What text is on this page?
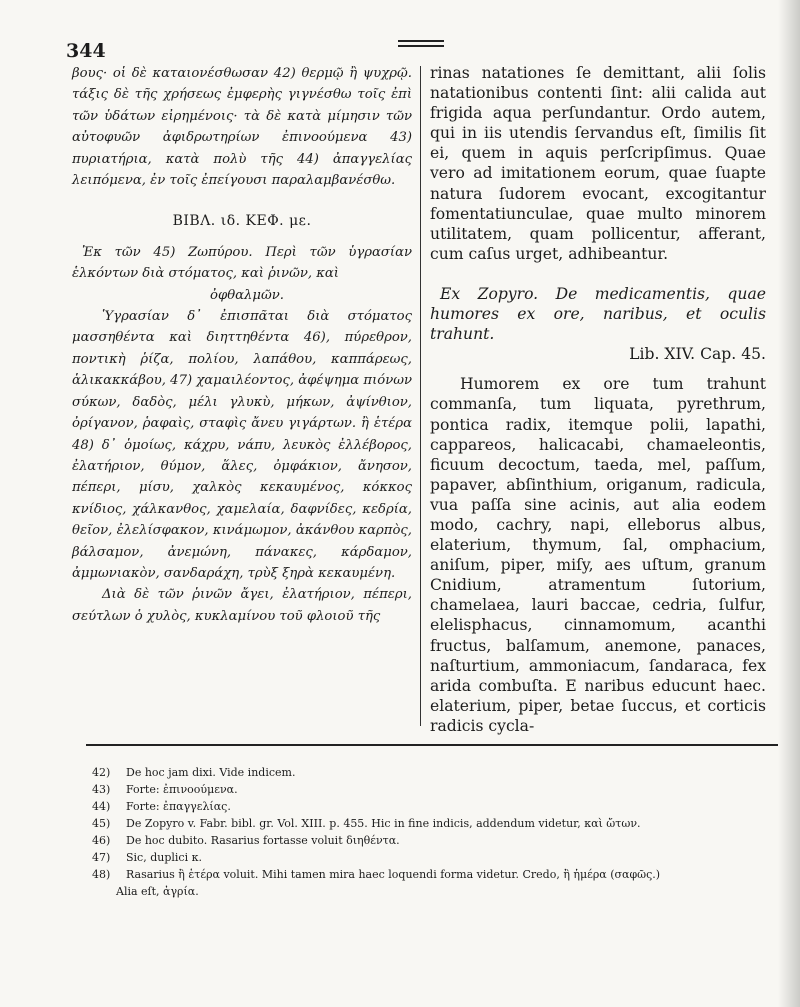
344

βους· οἱ δὲ καταιονέσθωσαν 42) θερμῷ ἢ ψυχρῷ. τάξις δὲ τῆς χρήσεως ἐμφερὴς γιγνέσθω τοῖς ἐπὶ τῶν ὑδάτων εἰρημένοις· τὰ δὲ κατὰ μίμησιν τῶν αὐτοφυῶν ἀφιδρωτηρίων ἐπινοούμενα 43) πυριατήρια, κατὰ πολὺ τῆς 44) ἀπαγγελίας λειπόμενα, ἐν τοῖς ἐπείγουσι παραλαμβανέσθω.

ΒΙΒΛ. ιδ. ΚΕΦ. με.

Ἐκ τῶν 45) Ζωπύρου. Περὶ τῶν ὑγρασίαν ἑλκόντων διὰ στόματος, καὶ ῥινῶν, καὶ
ὀφθαλμῶν.

Ὑγρασίαν δ᾽ ἐπισπᾶται διὰ στόματος μασσηθέντα καὶ διηττηθέντα 46), πύρεθρον, ποντικὴ ῥίζα, πολίου, λαπάθου, καππάρεως, ἁλικακκάβου, 47) χαμαιλέοντος, ἀφέψημα πιόνων σύκων, δαδὸς, μέλι γλυκὺ, μήκων, ἀψίνθιον, ὀρίγανον, ῥαφαὶς, σταφὶς ἄνευ γιγάρτων. ἢ ἑτέρα 48) δ᾽ ὁμοίως, κάχρυ, νάπυ, λευκὸς ἐλλέβορος, ἐλατήριον, θύμον, ἅλες, ὀμφάκιον, ἄνησον, πέπερι, μίσυ, χαλκὸς κεκαυμένος, κόκκος κνίδιος, χάλκανθος, χαμελαία, δαφνίδες, κεδρία, θεῖον, ἐλελίσφακον, κινάμωμον, ἀκάνθου καρπὸς, βάλσαμον, ἀνεμώνη, πάνακες, κάρδαμον, ἀμμωνιακὸν, σανδαράχη, τρὺξ ξηρὰ κεκαυμένη.

Διὰ δὲ τῶν ῥινῶν ἄγει, ἐλατήριον, πέπερι, σεύτλων ὁ χυλὸς, κυκλαμίνου τοῦ φλοιοῦ τῆς

rinas natationes ſe demittant, alii ſolis natationibus contenti ſint: alii calida aut frigida aqua perſundantur. Ordo autem, qui in iis utendis ſervandus eſt, ſimilis ſit ei, quem in aquis perſcripſimus. Quae vero ad imitationem eorum, quae ſuapte natura ſudorem evocant, excogitantur fomentatiunculae, quae multo minorem utilitatem, quam pollicentur, afferant, cum caſus urget, adhibeantur.

Ex Zopyro. De medicamentis, quae humores ex ore, naribus, et oculis trahunt.

Lib. XIV. Cap. 45.

Humorem ex ore tum trahunt commanſa, tum liquata, pyrethrum, pontica radix, itemque polii, lapathi, cappareos, halicacabi, chamaeleontis, ficuum decoctum, taeda, mel, paſſum, papaver, abſinthium, origanum, radicula, vua paſſa sine acinis, aut alia eodem modo, cachry, napi, elleborus albus, elaterium, thymum, ſal, omphacium, aniſum, piper, miſy, aes uſtum, granum Cnidium, atramentum ſutorium, chamelaea, lauri baccae, cedria, ſulfur, elelisphacus, cinnamomum, acanthi fructus, balſamum, anemone, panaces, naſturtium, ammoniacum, ſandaraca, fex arida combuſta. E naribus educunt haec. elaterium, piper, betae ſuccus, et corticis radicis cycla-

42) De hoc jam dixi. Vide indicem.

43) Forte: ἐπινοούμενα.

44) Forte: ἐπαγγελίας.

45) De Zopyro v. Fabr. bibl. gr. Vol. XIII. p. 455. Hic in fine indicis, addendum videtur, καὶ ὤτων.

46) De hoc dubito. Rasarius fortasse voluit διηθέντα.

47) Sic, duplici κ.

48) Rasarius ἢ ἑτέρα voluit. Mihi tamen mira haec loquendi forma videtur. Credo, ἢ ἡμέρα (σαφῶς.)
Alia eſt, ἀγρία.
